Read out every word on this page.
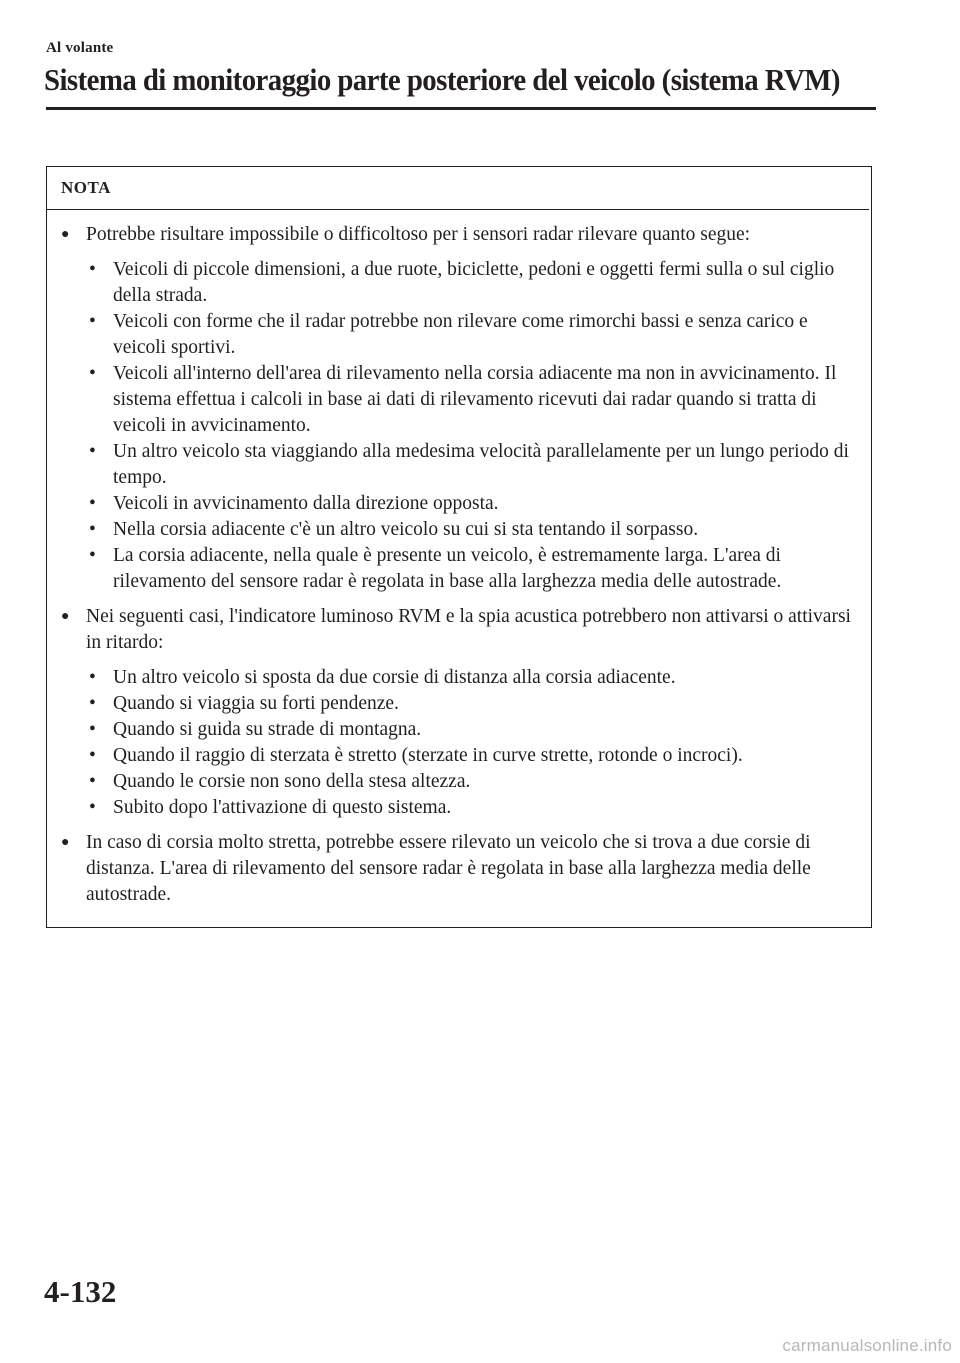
Al volante
Sistema di monitoraggio parte posteriore del veicolo (sistema RVM)
NOTA
● Potrebbe risultare impossibile o difficoltoso per i sensori radar rilevare quanto segue:
• Veicoli di piccole dimensioni, a due ruote, biciclette, pedoni e oggetti fermi sulla o sul ciglio della strada.
• Veicoli con forme che il radar potrebbe non rilevare come rimorchi bassi e senza carico e veicoli sportivi.
• Veicoli all'interno dell'area di rilevamento nella corsia adiacente ma non in avvicinamento. Il sistema effettua i calcoli in base ai dati di rilevamento ricevuti dai radar quando si tratta di veicoli in avvicinamento.
• Un altro veicolo sta viaggiando alla medesima velocità parallelamente per un lungo periodo di tempo.
• Veicoli in avvicinamento dalla direzione opposta.
• Nella corsia adiacente c'è un altro veicolo su cui si sta tentando il sorpasso.
• La corsia adiacente, nella quale è presente un veicolo, è estremamente larga. L'area di rilevamento del sensore radar è regolata in base alla larghezza media delle autostrade.
● Nei seguenti casi, l'indicatore luminoso RVM e la spia acustica potrebbero non attivarsi o attivarsi in ritardo:
• Un altro veicolo si sposta da due corsie di distanza alla corsia adiacente.
• Quando si viaggia su forti pendenze.
• Quando si guida su strade di montagna.
• Quando il raggio di sterzata è stretto (sterzate in curve strette, rotonde o incroci).
• Quando le corsie non sono della stesa altezza.
• Subito dopo l'attivazione di questo sistema.
● In caso di corsia molto stretta, potrebbe essere rilevato un veicolo che si trova a due corsie di distanza. L'area di rilevamento del sensore radar è regolata in base alla larghezza media delle autostrade.
4-132
carmanualsonline.info
